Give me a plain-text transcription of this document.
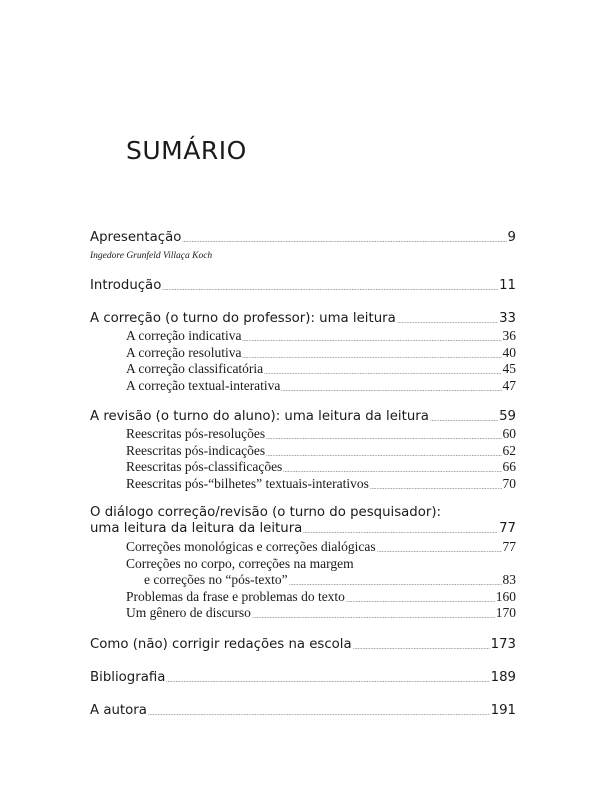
SUMÁRIO
Apresentação	9
Ingedore Grunfeld Villaça Koch
Introdução	11
A correção (o turno do professor): uma leitura	33
A correção indicativa	36
A correção resolutiva	40
A correção classificatória	45
A correção textual-interativa	47
A revisão (o turno do aluno): uma leitura da leitura	59
Reescritas pós-resoluções	60
Reescritas pós-indicações	62
Reescritas pós-classificações	66
Reescritas pós-“bilhetes” textuais-interativos	70
O diálogo correção/revisão (o turno do pesquisador):
uma leitura da leitura da leitura	77
Correções monológicas e correções dialógicas	77
Correções no corpo, correções na margem
e correções no “pós-texto”	83
Problemas da frase e problemas do texto	160
Um gênero de discurso	170
Como (não) corrigir redações na escola	173
Bibliografia	189
A autora	191
